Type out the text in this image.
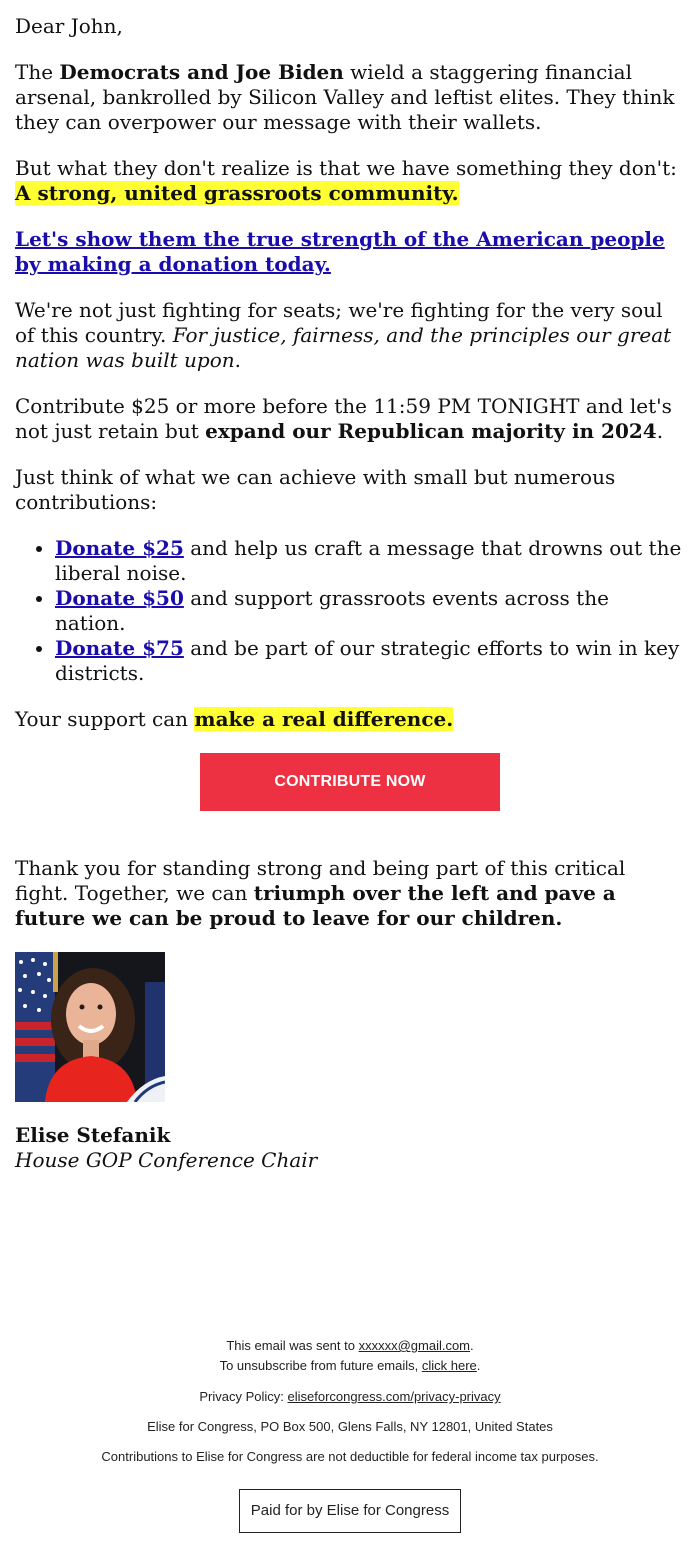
Dear John,

The Democrats and Joe Biden wield a staggering financial arsenal, bankrolled by Silicon Valley and leftist elites. They think they can overpower our message with their wallets.

But what they don't realize is that we have something they don't: A strong, united grassroots community.

Let's show them the true strength of the American people by making a donation today.

We're not just fighting for seats; we're fighting for the very soul of this country. For justice, fairness, and the principles our great nation was built upon.

Contribute $25 or more before the 11:59 PM TONIGHT and let's not just retain but expand our Republican majority in 2024.

Just think of what we can achieve with small but numerous contributions:

• Donate $25 and help us craft a message that drowns out the liberal noise.
• Donate $50 and support grassroots events across the nation.
• Donate $75 and be part of our strategic efforts to win in key districts.

Your support can make a real difference.

CONTRIBUTE NOW

Thank you for standing strong and being part of this critical fight. Together, we can triumph over the left and pave a future we can be proud to leave for our children.

Elise Stefanik
House GOP Conference Chair

This email was sent to xxxxxx@gmail.com.

To unsubscribe from future emails, click here.

Privacy Policy: eliseforcongress.com/privacy-privacy

Elise for Congress, PO Box 500, Glens Falls, NY 12801, United States

Contributions to Elise for Congress are not deductible for federal income tax purposes.

Paid for by Elise for Congress
